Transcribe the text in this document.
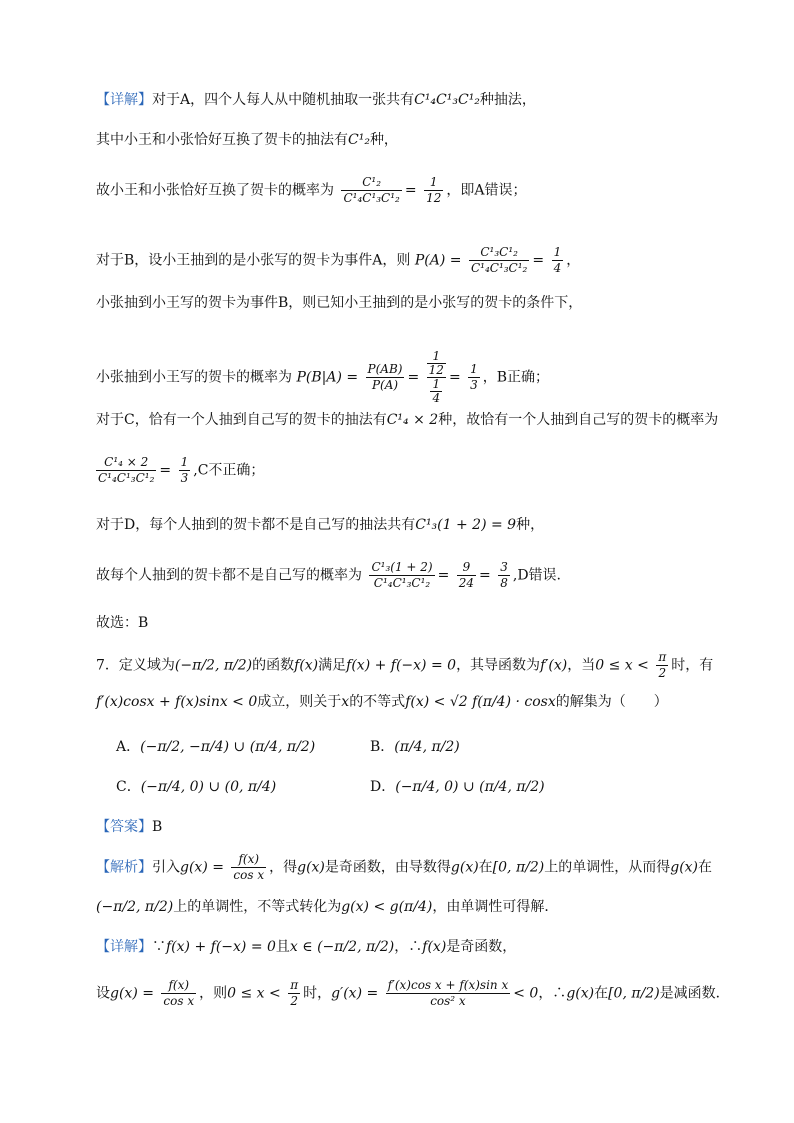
【详解】对于A，四个人每人从中随机抽取一张共有C¹₄C¹₃C¹₂种抽法，
其中小王和小张恰好互换了贺卡的抽法有C¹₂种，
故小王和小张恰好互换了贺卡的概率为 $\frac{\text{C¹₂}}{\text{C¹₄C¹₃C¹₂}} = \frac{1}{12}$ ，即A错误；
对于B，设小王抽到的是小张写的贺卡为事件A，则 $P(A) = \frac{\text{C¹₃C¹₂}}{\text{C¹₄C¹₃C¹₂}} = \frac{1}{4}$ ，
小张抽到小王写的贺卡为事件B，则已知小王抽到的是小张写的贺卡的条件下，
小张抽到小王写的贺卡的概率为 $P(B|A) = \frac{P(AB)}{P(A)} = \frac{\frac{1}{12}}{\frac{1}{4}} = \frac{1}{3}$ ，B正确；
对于C，恰有一个人抽到自己写的贺卡的抽法有C¹₄ × 2种，故恰有一个人抽到自己写的贺卡的概率为
$\frac{\text{C¹₄ × 2}}{\text{C¹₄C¹₃C¹₂}} = \frac{1}{3} ,C$不正确；
对于D，每个人抽到的贺卡都不是自己写的抽法共有C¹₃(1 + 2) = 9种，
故每个人抽到的贺卡都不是自己写的概率为 $\frac{\text{C¹₃(1 + 2)}}{\text{C¹₄C¹₃C¹₂}} = \frac{9}{24} = \frac{3}{8} ,D$错误.
故选：B
7．定义域为(−π/2, π/2)的函数f(x)满足f(x) + f(−x) = 0，其导函数为f′(x)，当$0 \le x < \frac{\pi}{2}$ 时，有
f′(x)cosx + f(x)sinx < 0成立，则关于x的不等式f(x) < √2 f(π/4) · cosx的解集为（　　）
A．(−π/2, −π/4) ∪ (π/4, π/2)	B．(π/4, π/2)
C．(−π/4, 0) ∪ (0, π/4)	D．(−π/4, 0) ∪ (π/4, π/2)
【答案】B
【解析】引入$g(x) = \frac{f(x)}{\text{cos x}}$ ，得g(x)是奇函数，由导数得g(x)在[0, π/2)上的单调性，从而得g(x)在
(−π/2, π/2)上的单调性，不等式转化为g(x) < g(π/4)，由单调性可得解．
【详解】∵f(x) + f(−x) = 0且x ∈ (−π/2, π/2)，∴f(x)是奇函数，
设$g(x) = \frac{f(x)}{\text{cos x}}$ ，则$0 \le x < \frac{\pi}{2}$ 时，$g'(x) = \frac{\text{f′(x)cos x + f(x)sin x}}{\text{cos² x}} < 0$，∴g(x)在[0, π/2)是减函数．
